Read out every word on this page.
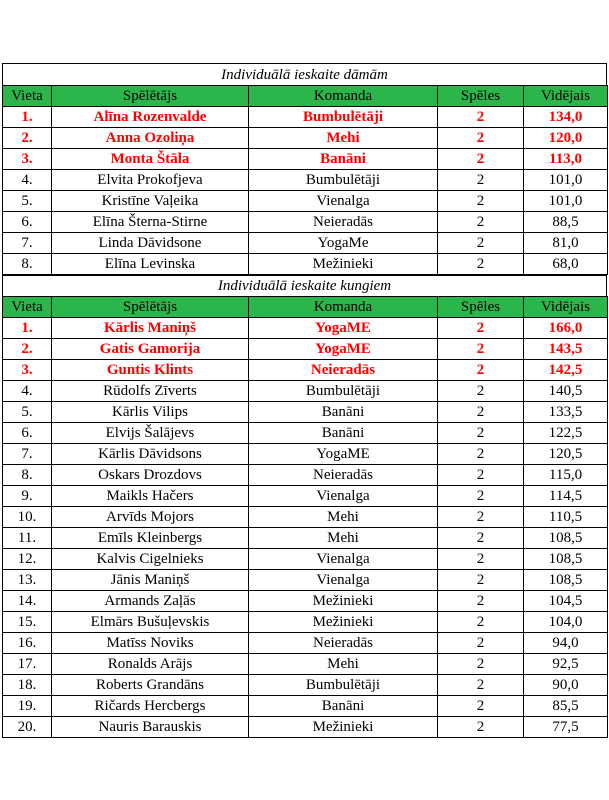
Individuālā ieskaite dāmām
Vieta	Spēlētājs	Komanda	Spēles	Vidējais
1.	Alīna Rozenvalde	Bumbulētāji	2	134,0
2.	Anna Ozoliņa	Mehi	2	120,0
3.	Monta Štāla	Banāni	2	113,0
4.	Elvita Prokofjeva	Bumbulētāji	2	101,0
5.	Kristīne Vaļeika	Vienalga	2	101,0
6.	Elīna Šterna-Stirne	Neieradās	2	88,5
7.	Linda Dāvidsone	YogaMe	2	81,0
8.	Elīna Levinska	Mežinieki	2	68,0
Individuālā ieskaite kungiem
Vieta	Spēlētājs	Komanda	Spēles	Vidējais
1.	Kārlis Maniņš	YogaME	2	166,0
2.	Gatis Gamorija	YogaME	2	143,5
3.	Guntis Klints	Neieradās	2	142,5
4.	Rūdolfs Zīverts	Bumbulētāji	2	140,5
5.	Kārlis Vilips	Banāni	2	133,5
6.	Elvijs Šalājevs	Banāni	2	122,5
7.	Kārlis Dāvidsons	YogaME	2	120,5
8.	Oskars Drozdovs	Neieradās	2	115,0
9.	Maikls Hačers	Vienalga	2	114,5
10.	Arvīds Mojors	Mehi	2	110,5
11.	Emīls Kleinbergs	Mehi	2	108,5
12.	Kalvis Cigelnieks	Vienalga	2	108,5
13.	Jānis Maniņš	Vienalga	2	108,5
14.	Armands Zaļās	Mežinieki	2	104,5
15.	Elmārs Bušuļevskis	Mežinieki	2	104,0
16.	Matīss Noviks	Neieradās	2	94,0
17.	Ronalds Arājs	Mehi	2	92,5
18.	Roberts Grandāns	Bumbulētāji	2	90,0
19.	Ričards Hercbergs	Banāni	2	85,5
20.	Nauris Barauskis	Mežinieki	2	77,5
